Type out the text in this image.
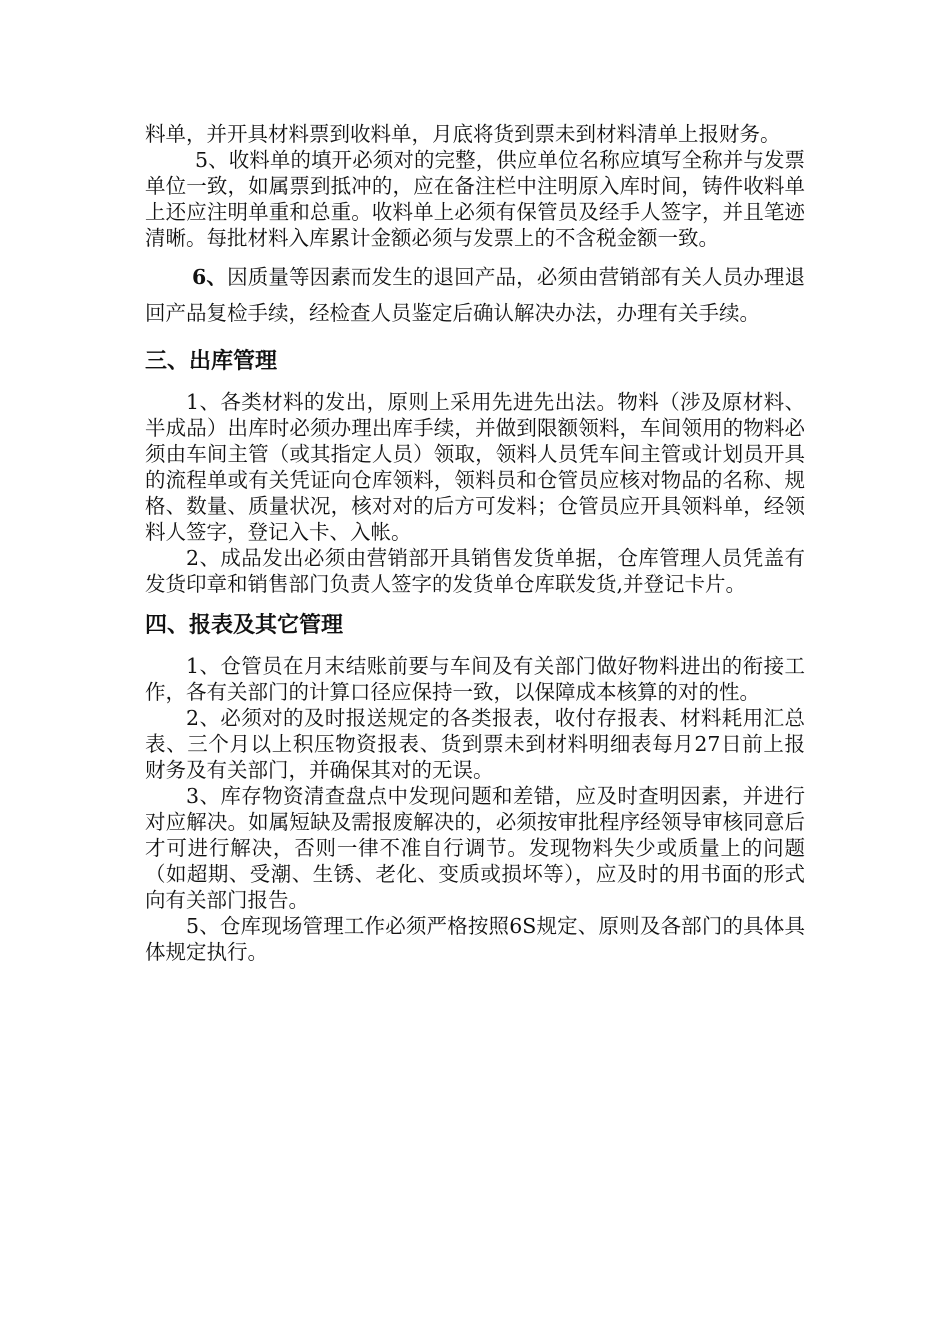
料单，并开具材料票到收料单，月底将货到票未到材料清单上报财务。

5、收料单的填开必须对的完整，供应单位名称应填写全称并与发票单位一致，如属票到抵冲的，应在备注栏中注明原入库时间，铸件收料单上还应注明单重和总重。收料单上必须有保管员及经手人签字，并且笔迹清晰。每批材料入库累计金额必须与发票上的不含税金额一致。

6、因质量等因素而发生的退回产品，必须由营销部有关人员办理退回产品复检手续，经检查人员鉴定后确认解决办法，办理有关手续。

三、出库管理

1、各类材料的发出，原则上采用先进先出法。物料（涉及原材料、半成品）出库时必须办理出库手续，并做到限额领料，车间领用的物料必须由车间主管（或其指定人员）领取，领料人员凭车间主管或计划员开具的流程单或有关凭证向仓库领料，领料员和仓管员应核对物品的名称、规格、数量、质量状况，核对对的后方可发料；仓管员应开具领料单，经领料人签字，登记入卡、入帐。

2、成品发出必须由营销部开具销售发货单据，仓库管理人员凭盖有发货印章和销售部门负责人签字的发货单仓库联发货,并登记卡片。

四、报表及其它管理

1、仓管员在月末结账前要与车间及有关部门做好物料进出的衔接工作，各有关部门的计算口径应保持一致，以保障成本核算的对的性。

2、必须对的及时报送规定的各类报表，收付存报表、材料耗用汇总表、三个月以上积压物资报表、货到票未到材料明细表每月27日前上报财务及有关部门，并确保其对的无误。

3、库存物资清查盘点中发现问题和差错，应及时查明因素，并进行对应解决。如属短缺及需报废解决的，必须按审批程序经领导审核同意后才可进行解决，否则一律不准自行调节。发现物料失少或质量上的问题（如超期、受潮、生锈、老化、变质或损坏等），应及时的用书面的形式向有关部门报告。

5、仓库现场管理工作必须严格按照6S规定、原则及各部门的具体具体规定执行。
